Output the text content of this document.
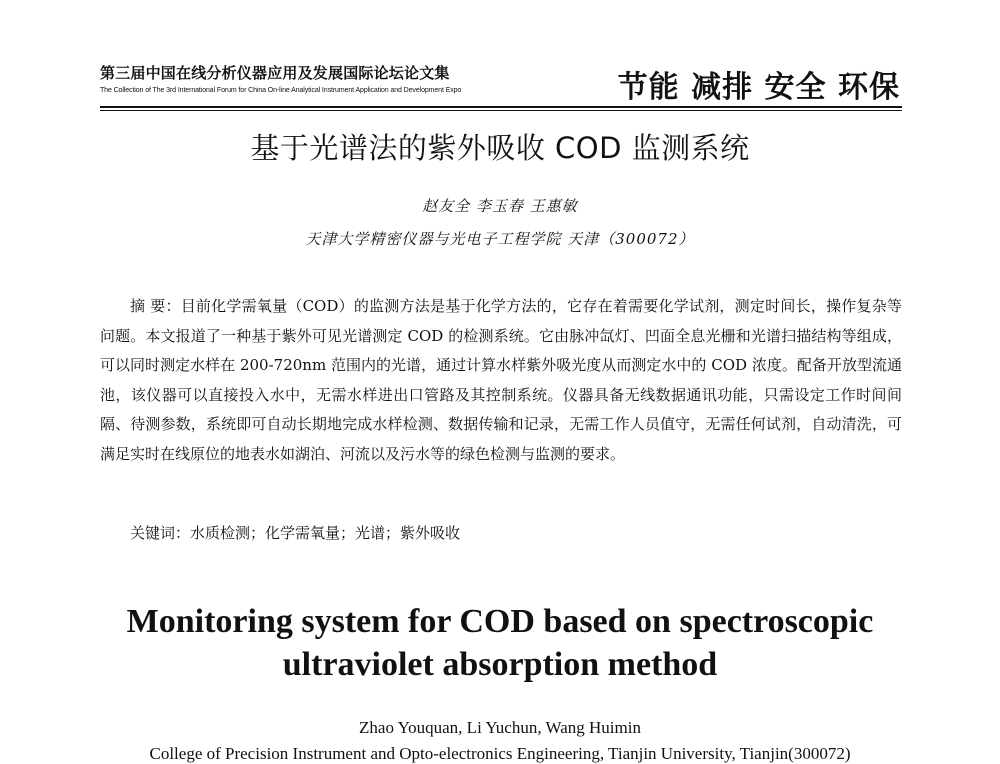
第三届中国在线分析仪器应用及发展国际论坛论文集
The Collection of The 3rd International Forum for China On-line Analytical Instrument Application and Development Expo	节能 减排 安全 环保
基于光谱法的紫外吸收 COD 监测系统
赵友全 李玉春 王惠敏
天津大学精密仪器与光电子工程学院 天津（300072）
摘 要：目前化学需氧量（COD）的监测方法是基于化学方法的，它存在着需要化学试剂，测定时间长，操作复杂等问题。本文报道了一种基于紫外可见光谱测定 COD 的检测系统。它由脉冲氙灯、凹面全息光栅和光谱扫描结构等组成，可以同时测定水样在 200-720nm 范围内的光谱，通过计算水样紫外吸光度从而测定水中的 COD 浓度。配备开放型流通池，该仪器可以直接投入水中，无需水样进出口管路及其控制系统。仪器具备无线数据通讯功能，只需设定工作时间间隔、待测参数，系统即可自动长期地完成水样检测、数据传输和记录，无需工作人员值守，无需任何试剂，自动清洗，可满足实时在线原位的地表水如湖泊、河流以及污水等的绿色检测与监测的要求。
关键词：水质检测；化学需氧量；光谱；紫外吸收
Monitoring system for COD based on spectroscopic
ultraviolet absorption method
Zhao Youquan, Li Yuchun, Wang Huimin
College of Precision Instrument and Opto-electronics Engineering, Tianjin University, Tianjin(300072)
